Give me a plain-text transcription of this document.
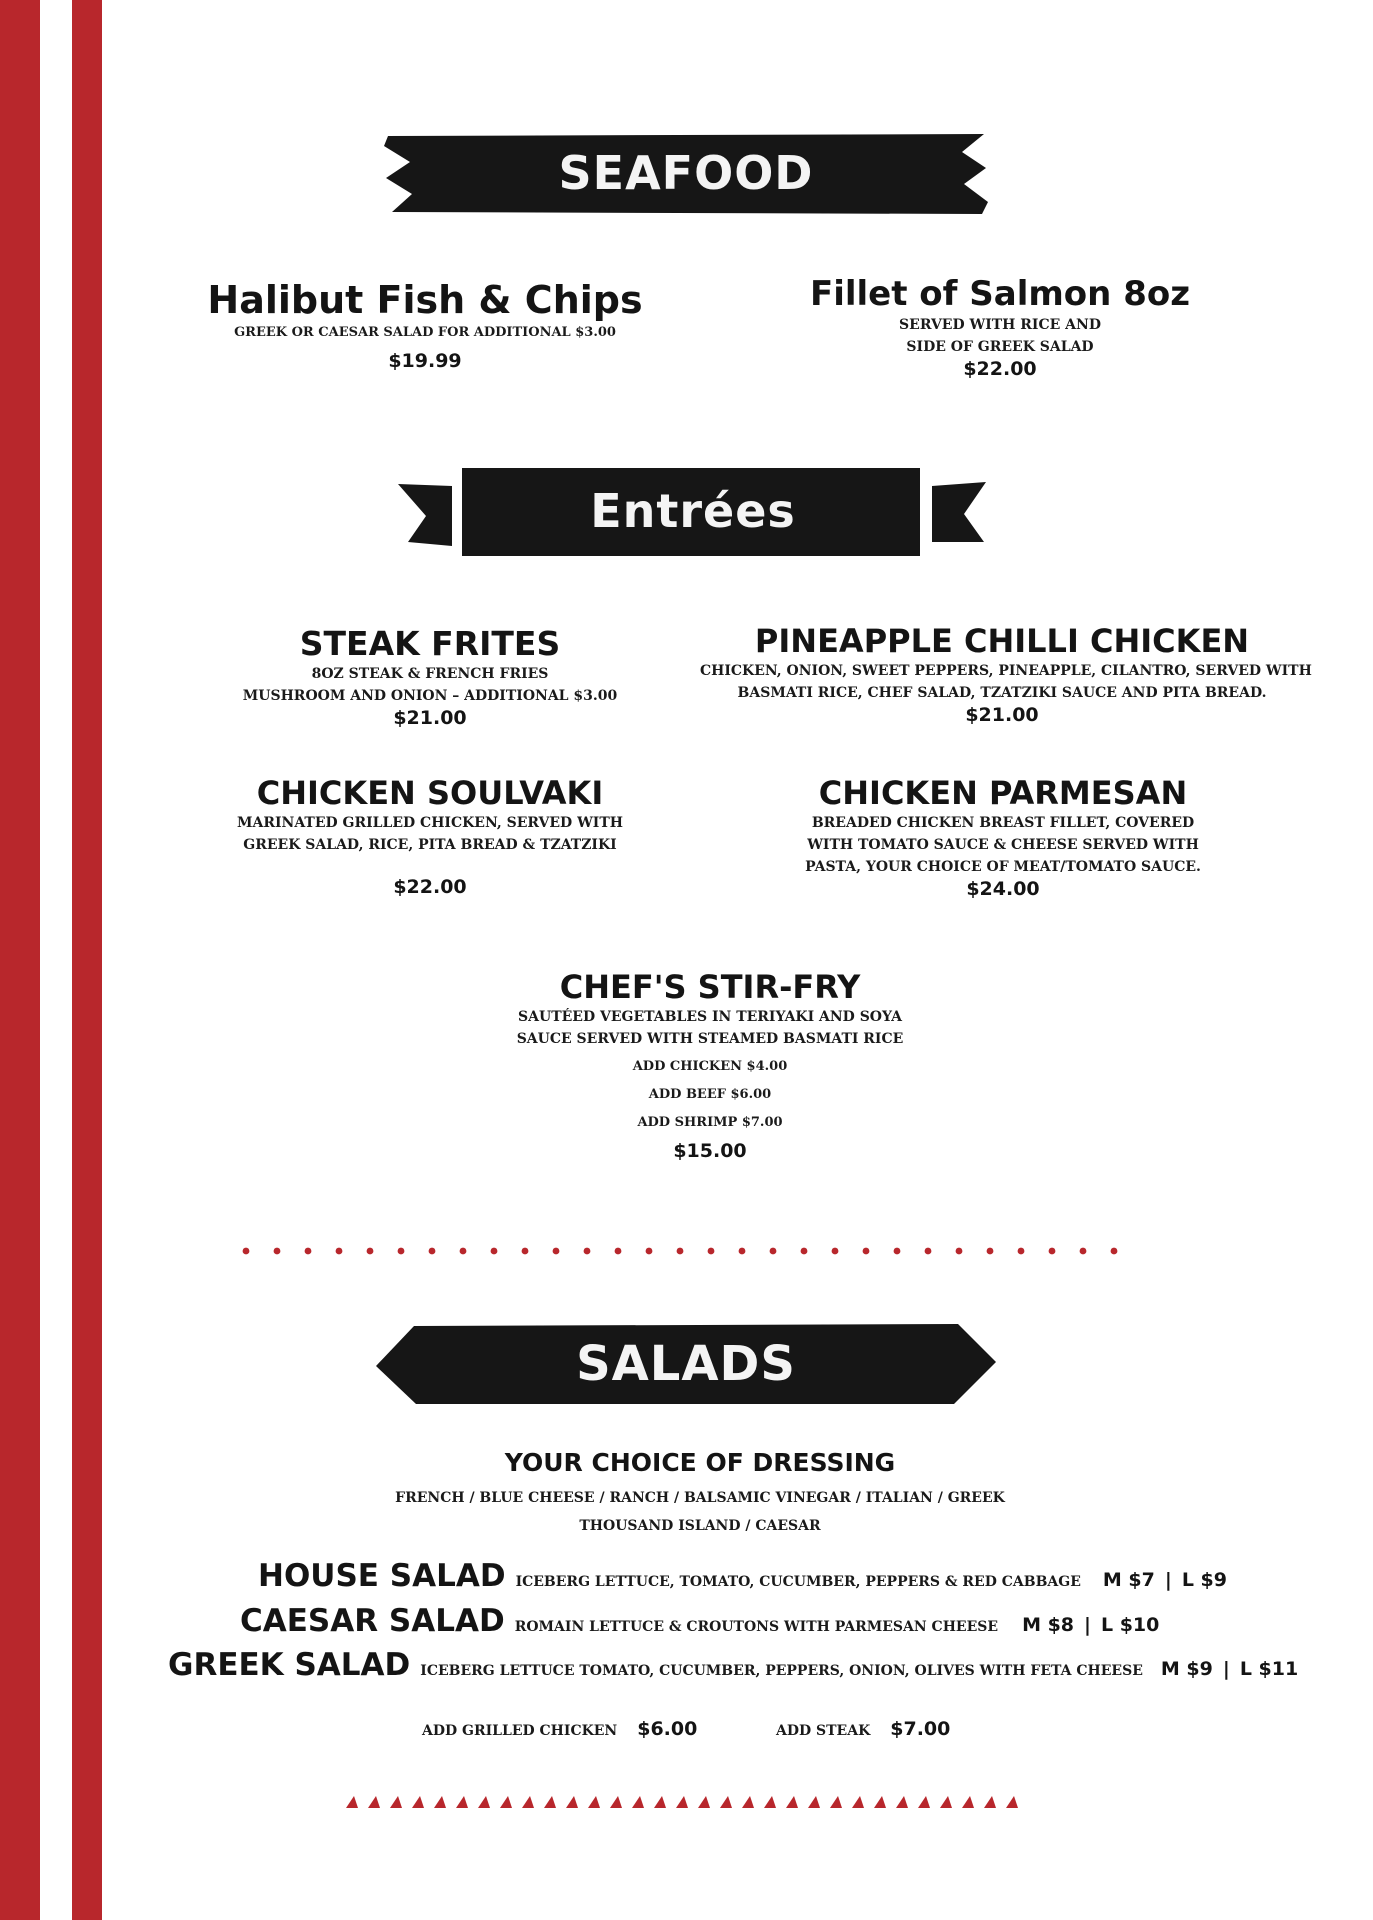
SEAFOOD
Halibut Fish & Chips
GREEK OR CAESAR SALAD FOR ADDITIONAL $3.00
$19.99
Fillet of Salmon 8oz
SERVED WITH RICE AND
SIDE OF GREEK SALAD
$22.00
Entrées
STEAK FRITES
8OZ STEAK & FRENCH FRIES
MUSHROOM AND ONION – ADDITIONAL $3.00
$21.00
PINEAPPLE CHILLI CHICKEN
CHICKEN, ONION, SWEET PEPPERS, PINEAPPLE, CILANTRO, SERVED WITH
BASMATI RICE, CHEF SALAD, TZATZIKI SAUCE AND PITA BREAD.
$21.00
CHICKEN SOULVAKI
MARINATED GRILLED CHICKEN, SERVED WITH
GREEK SALAD, RICE, PITA BREAD & TZATZIKI
$22.00
CHICKEN PARMESAN
BREADED CHICKEN BREAST FILLET, COVERED
WITH TOMATO SAUCE & CHEESE SERVED WITH
PASTA, YOUR CHOICE OF MEAT/TOMATO SAUCE.
$24.00
CHEF'S STIR-FRY
SAUTÉED VEGETABLES IN TERIYAKI AND SOYA
SAUCE SERVED WITH STEAMED BASMATI RICE
ADD CHICKEN $4.00
ADD BEEF $6.00
ADD SHRIMP $7.00
$15.00
SALADS
YOUR CHOICE OF DRESSING
FRENCH / BLUE CHEESE / RANCH / BALSAMIC VINEGAR / ITALIAN / GREEK
THOUSAND ISLAND / CAESAR
HOUSE SALAD ICEBERG LETTUCE, TOMATO, CUCUMBER, PEPPERS & RED CABBAGE M $7 | L $9
CAESAR SALAD ROMAIN LETTUCE & CROUTONS WITH PARMESAN CHEESE M $8 | L $10
GREEK SALAD ICEBERG LETTUCE TOMATO, CUCUMBER, PEPPERS, ONION, OLIVES WITH FETA CHEESE M $9 | L $11
ADD GRILLED CHICKEN $6.00	ADD STEAK $7.00
